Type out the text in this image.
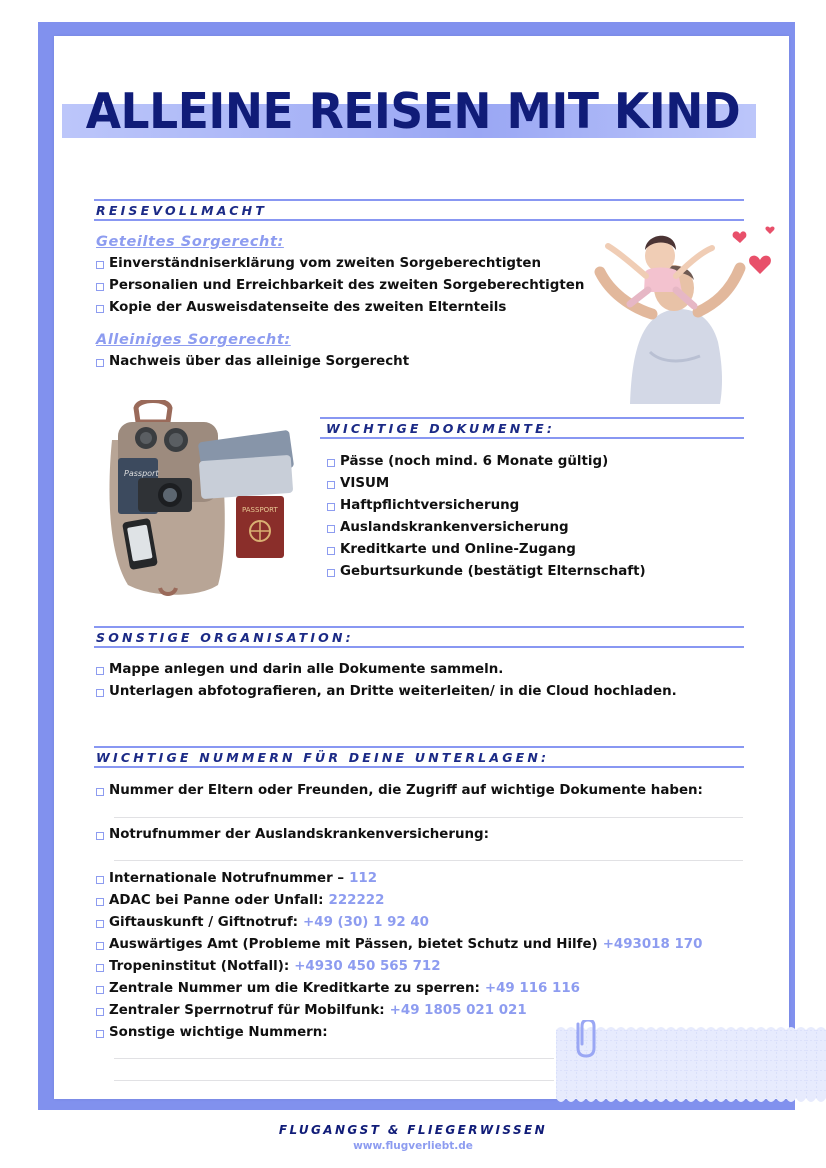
ALLEINE REISEN MIT KIND
REISEVOLLMACHT
Geteiltes Sorgerecht:
Einverständniserklärung vom zweiten Sorgeberechtigten
Personalien und Erreichbarkeit des zweiten Sorgeberechtigten
Kopie der Ausweisdatenseite des zweiten Elternteils
Alleiniges Sorgerecht:
Nachweis über das alleinige Sorgerecht
Passport
PASSPORT
WICHTIGE DOKUMENTE:
Pässe (noch mind. 6 Monate gültig)
VISUM
Haftpflichtversicherung
Auslandskrankenversicherung
Kreditkarte und Online-Zugang
Geburtsurkunde (bestätigt Elternschaft)
SONSTIGE ORGANISATION:
Mappe anlegen und darin alle Dokumente sammeln.
Unterlagen abfotografieren, an Dritte weiterleiten/ in die Cloud hochladen.
WICHTIGE NUMMERN FÜR DEINE UNTERLAGEN:
Nummer der Eltern oder Freunden, die Zugriff auf wichtige Dokumente haben:
Notrufnummer der Auslandskrankenversicherung:
Internationale Notrufnummer – 112
ADAC bei Panne oder Unfall: 222222
Giftauskunft / Giftnotruf: +49 (30) 1 92 40
Auswärtiges Amt (Probleme mit Pässen, bietet Schutz und Hilfe) +493018 170
Tropeninstitut (Notfall): +4930 450 565 712
Zentrale Nummer um die Kreditkarte zu sperren: +49 116 116
Zentraler Sperrnotruf für Mobilfunk: +49 1805 021 021
Sonstige wichtige Nummern:
FLUGANGST & FLIEGERWISSEN
www.flugverliebt.de
